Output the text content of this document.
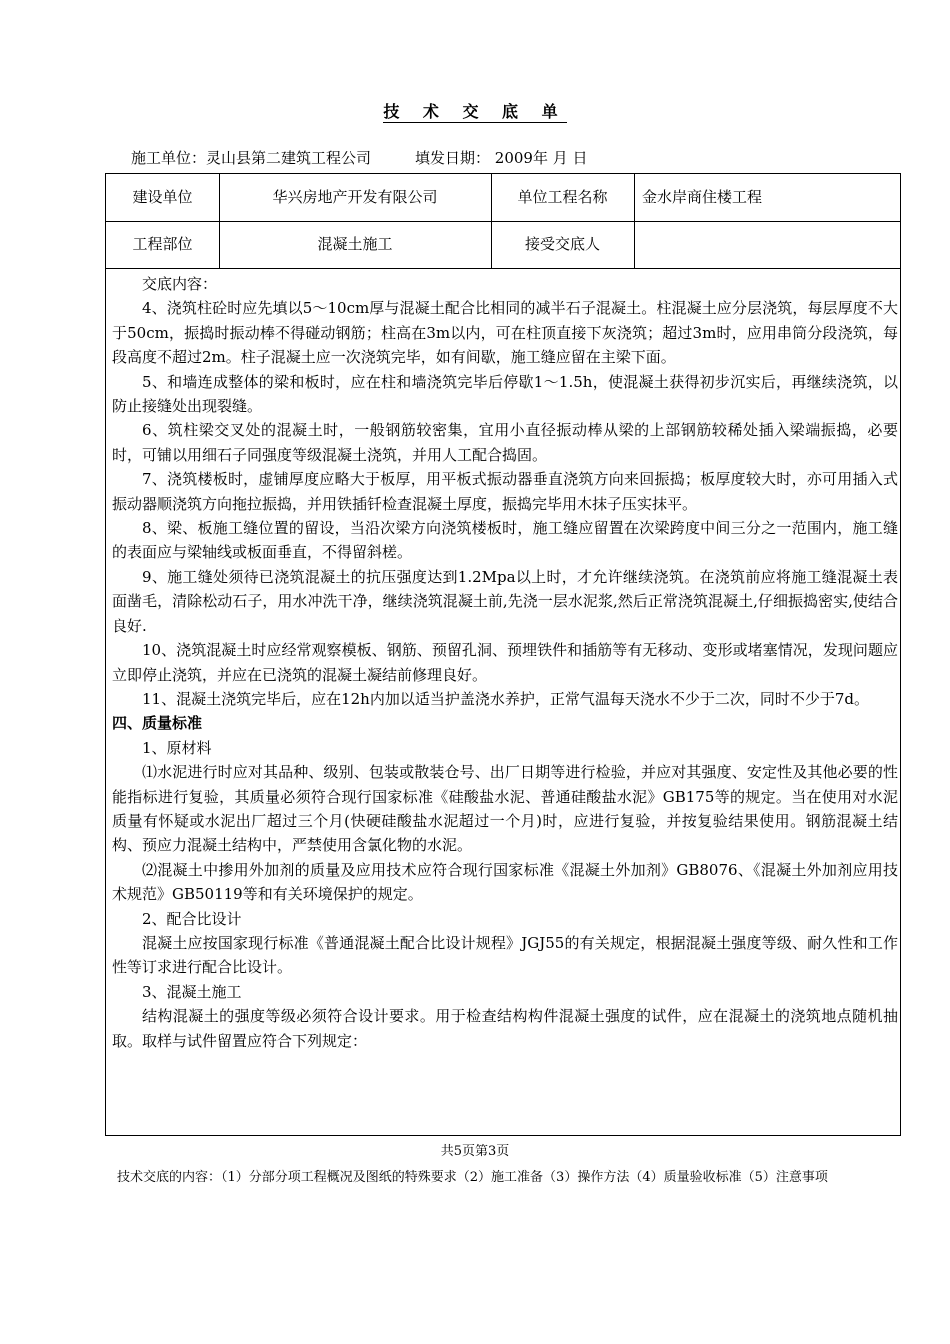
技 术 交 底 单
施工单位：灵山县第二建筑工程公司	填发日期： 2009年 月 日
建设单位	华兴房地产开发有限公司	单位工程名称	金水岸商住楼工程
工程部位	混凝土施工	接受交底人

交底内容：

4、浇筑柱砼时应先填以5～10cm厚与混凝土配合比相同的减半石子混凝土。柱混凝土应分层浇筑，每层厚度不大于50cm，振捣时振动棒不得碰动钢筋；柱高在3m以内，可在柱顶直接下灰浇筑；超过3m时，应用串筒分段浇筑，每段高度不超过2m。柱子混凝土应一次浇筑完毕，如有间歇，施工缝应留在主梁下面。

5、和墙连成整体的梁和板时，应在柱和墙浇筑完毕后停歇1～1.5h，使混凝土获得初步沉实后，再继续浇筑，以防止接缝处出现裂缝。

6、筑柱梁交叉处的混凝土时，一般钢筋较密集，宜用小直径振动棒从梁的上部钢筋较稀处插入梁端振捣，必要时，可铺以用细石子同强度等级混凝土浇筑，并用人工配合捣固。

7、浇筑楼板时，虚铺厚度应略大于板厚，用平板式振动器垂直浇筑方向来回振捣；板厚度较大时，亦可用插入式振动器顺浇筑方向拖拉振捣，并用铁插钎检查混凝土厚度，振捣完毕用木抹子压实抹平。

8、梁、板施工缝位置的留设，当沿次梁方向浇筑楼板时，施工缝应留置在次梁跨度中间三分之一范围内，施工缝的表面应与梁轴线或板面垂直，不得留斜槎。

9、施工缝处须待已浇筑混凝土的抗压强度达到1.2Mpa以上时，才允许继续浇筑。在浇筑前应将施工缝混凝土表面凿毛，清除松动石子，用水冲洗干净，继续浇筑混凝土前,先浇一层水泥浆,然后正常浇筑混凝土,仔细振捣密实,使结合良好.

10、浇筑混凝土时应经常观察模板、钢筋、预留孔洞、预埋铁件和插筋等有无移动、变形或堵塞情况，发现问题应立即停止浇筑，并应在已浇筑的混凝土凝结前修理良好。

11、混凝土浇筑完毕后，应在12h内加以适当护盖浇水养护，正常气温每天浇水不少于二次，同时不少于7d。

四、质量标准

1、原材料

⑴水泥进行时应对其品种、级别、包装或散装仓号、出厂日期等进行检验，并应对其强度、安定性及其他必要的性能指标进行复验，其质量必须符合现行国家标准《硅酸盐水泥、普通硅酸盐水泥》GB175等的规定。当在使用对水泥质量有怀疑或水泥出厂超过三个月(快硬硅酸盐水泥超过一个月)时，应进行复验，并按复验结果使用。钢筋混凝土结构、预应力混凝土结构中，严禁使用含氯化物的水泥。

⑵混凝土中掺用外加剂的质量及应用技术应符合现行国家标准《混凝土外加剂》GB8076、《混凝土外加剂应用技术规范》GB50119等和有关环境保护的规定。

2、配合比设计

混凝土应按国家现行标准《普通混凝土配合比设计规程》JGJ55的有关规定，根据混凝土强度等级、耐久性和工作性等订求进行配合比设计。

3、混凝土施工

结构混凝土的强度等级必须符合设计要求。用于检查结构构件混凝土强度的试件，应在混凝土的浇筑地点随机抽取。取样与试件留置应符合下列规定：

共5页第3页
技术交底的内容：（1）分部分项工程概况及图纸的特殊要求（2）施工准备（3）操作方法（4）质量验收标准（5）注意事项
